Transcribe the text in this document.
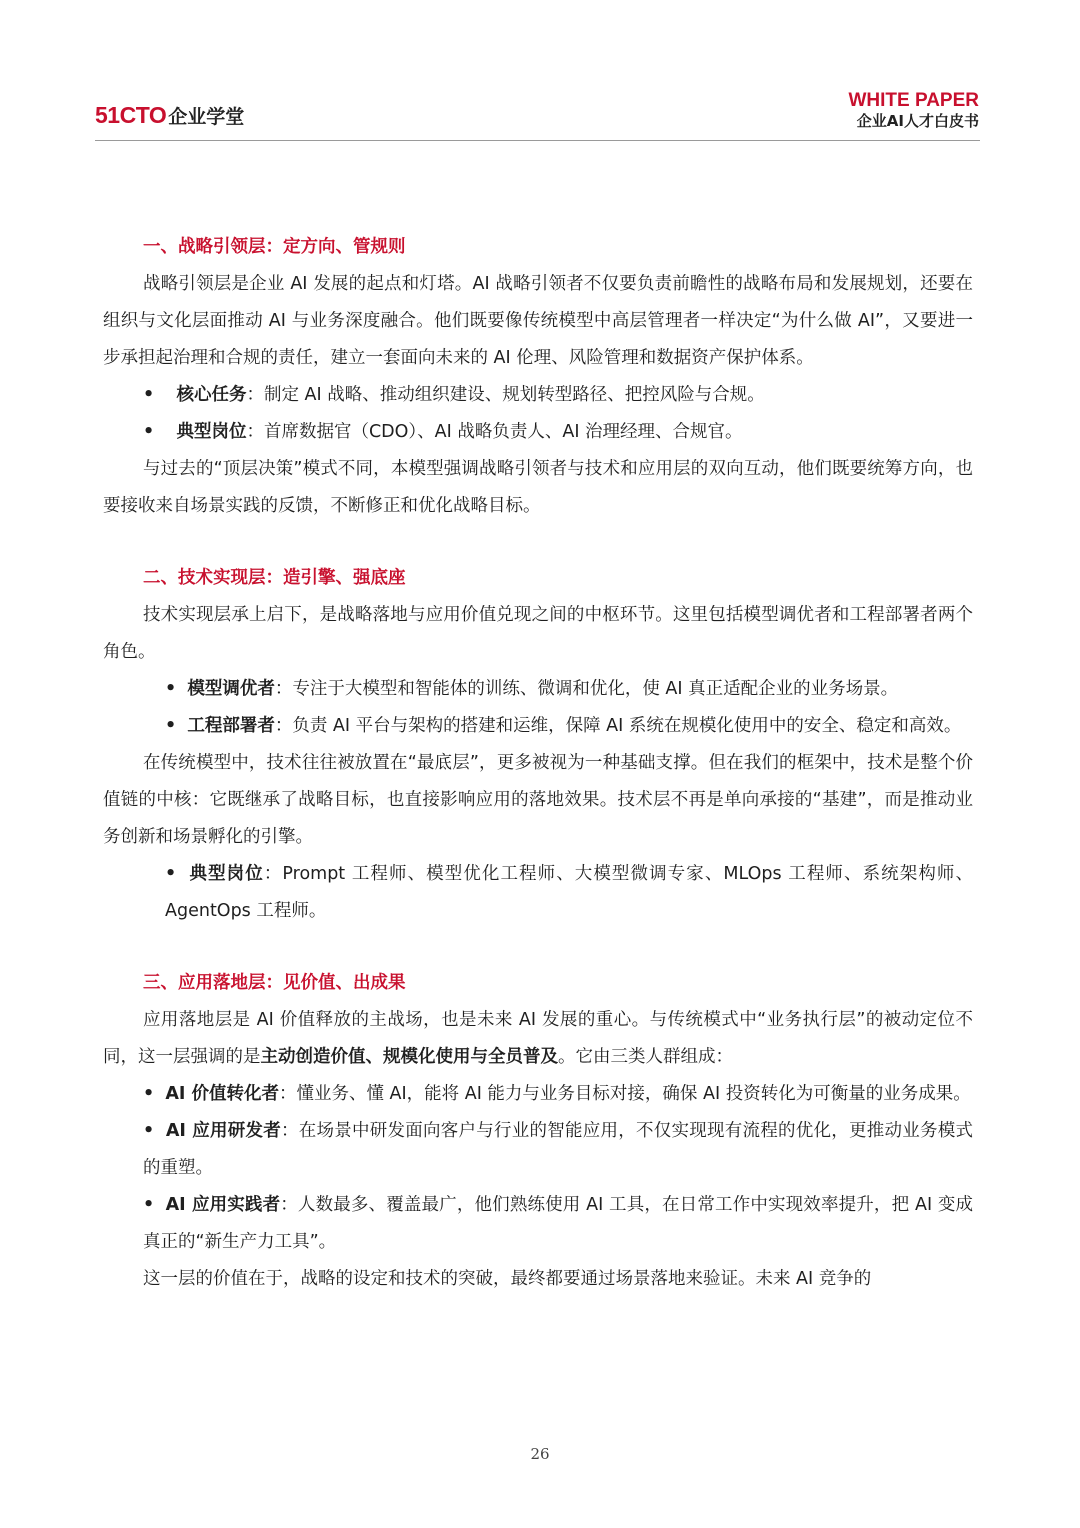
51CTO 企业学堂
WHITE PAPER
企业AI人才白皮书
一、战略引领层：定方向、管规则

战略引领层是企业 AI 发展的起点和灯塔。AI 战略引领者不仅要负责前瞻性的战略布局和发展规划，还要在组织与文化层面推动 AI 与业务深度融合。他们既要像传统模型中高层管理者一样决定“为什么做 AI”，又要进一步承担起治理和合规的责任，建立一套面向未来的 AI 伦理、风险管理和数据资产保护体系。

• 核心任务：制定 AI 战略、推动组织建设、规划转型路径、把控风险与合规。
• 典型岗位：首席数据官（CDO）、AI 战略负责人、AI 治理经理、合规官。

与过去的“顶层决策”模式不同，本模型强调战略引领者与技术和应用层的双向互动，他们既要统筹方向，也要接收来自场景实践的反馈，不断修正和优化战略目标。

二、技术实现层：造引擎、强底座

技术实现层承上启下，是战略落地与应用价值兑现之间的中枢环节。这里包括模型调优者和工程部署者两个角色。

• 模型调优者：专注于大模型和智能体的训练、微调和优化，使 AI 真正适配企业的业务场景。
• 工程部署者：负责 AI 平台与架构的搭建和运维，保障 AI 系统在规模化使用中的安全、稳定和高效。

在传统模型中，技术往往被放置在“最底层”，更多被视为一种基础支撑。但在我们的框架中，技术是整个价值链的中核：它既继承了战略目标，也直接影响应用的落地效果。技术层不再是单向承接的“基建”，而是推动业务创新和场景孵化的引擎。

• 典型岗位：Prompt 工程师、模型优化工程师、大模型微调专家、MLOps 工程师、系统架构师、AgentOps 工程师。
三、应用落地层：见价值、出成果

应用落地层是 AI 价值释放的主战场，也是未来 AI 发展的重心。与传统模式中“业务执行层”的被动定位不同，这一层强调的是主动创造价值、规模化使用与全员普及。它由三类人群组成：

• AI 价值转化者：懂业务、懂 AI，能将 AI 能力与业务目标对接，确保 AI 投资转化为可衡量的业务成果。
• AI 应用研发者：在场景中研发面向客户与行业的智能应用，不仅实现现有流程的优化，更推动业务模式的重塑。
• AI 应用实践者：人数最多、覆盖最广，他们熟练使用 AI 工具，在日常工作中实现效率提升，把 AI 变成真正的“新生产力工具”。

这一层的价值在于，战略的设定和技术的突破，最终都要通过场景落地来验证。未来 AI 竞争的

26
